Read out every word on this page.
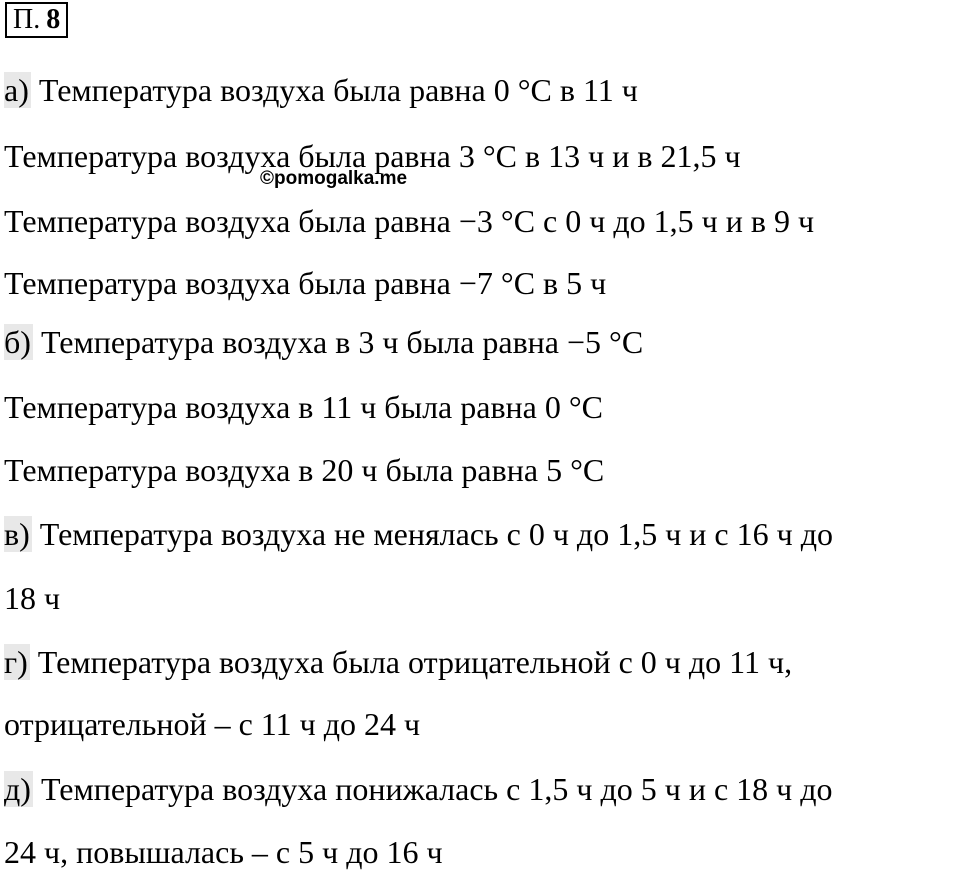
П. 8
а) Температура воздуха была равна 0 °С в 11 ч
Температура воздуха была равна 3 °С в 13 ч и в 21,5 ч
©pomogalka.me
Температура воздуха была равна −3 °С с 0 ч до 1,5 ч и в 9 ч
Температура воздуха была равна −7 °С в 5 ч
б) Температура воздуха в 3 ч была равна −5 °С
Температура воздуха в 11 ч была равна 0 °С
Температура воздуха в 20 ч была равна 5 °С
в) Температура воздуха не менялась с 0 ч до 1,5 ч и с 16 ч до
18 ч
г) Температура воздуха была отрицательной с 0 ч до 11 ч,
отрицательной – с 11 ч до 24 ч
д) Температура воздуха понижалась с 1,5 ч до 5 ч и с 18 ч до
24 ч, повышалась – с 5 ч до 16 ч
